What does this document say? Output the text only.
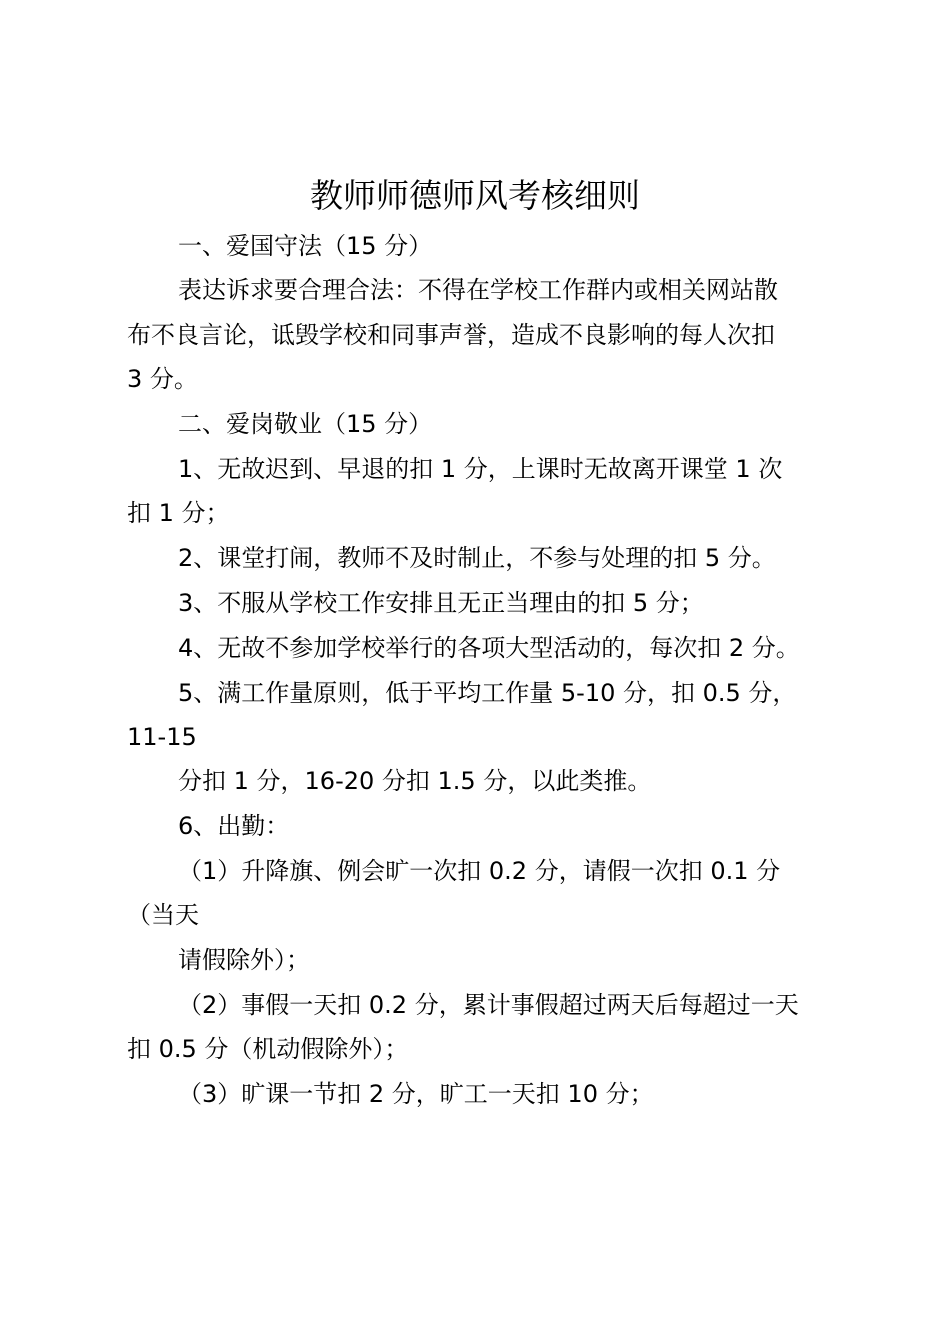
教师师德师风考核细则
一、爱国守法（15 分）
表达诉求要合理合法：不得在学校工作群内或相关网站散
布不良言论，诋毁学校和同事声誉，造成不良影响的每人次扣
3 分。
二、爱岗敬业（15 分）
1、无故迟到、早退的扣 1 分，上课时无故离开课堂 1 次
扣 1 分；
2、课堂打闹，教师不及时制止，不参与处理的扣 5 分。
3、不服从学校工作安排且无正当理由的扣 5 分；
4、无故不参加学校举行的各项大型活动的，每次扣 2 分。
5、满工作量原则，低于平均工作量 5-10 分，扣 0.5 分，
11-15
分扣 1 分，16-20 分扣 1.5 分，以此类推。
6、出勤：
（1）升降旗、例会旷一次扣 0.2 分，请假一次扣 0.1 分
（当天
请假除外）；
（2）事假一天扣 0.2 分，累计事假超过两天后每超过一天
扣 0.5 分（机动假除外）；
（3）旷课一节扣 2 分，旷工一天扣 10 分；
